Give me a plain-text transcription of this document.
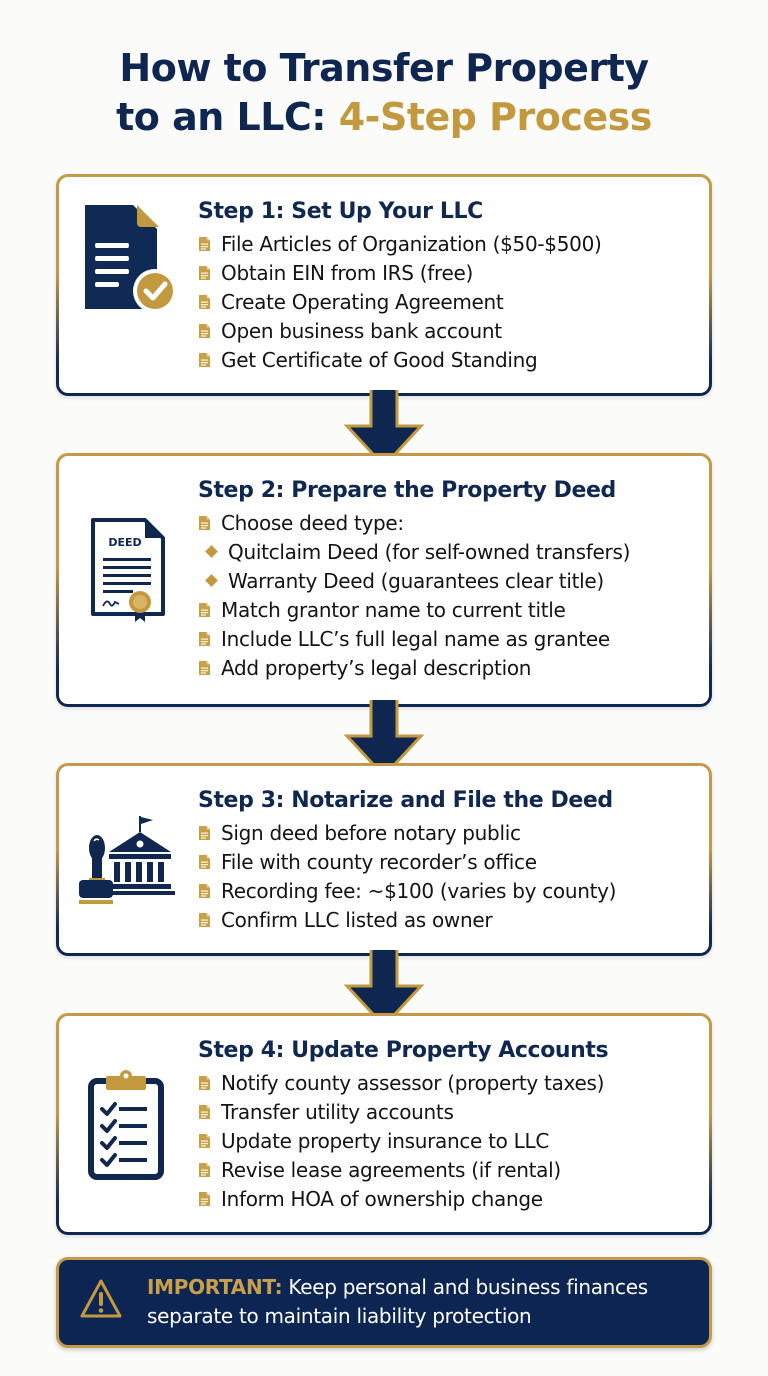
How to Transfer Property
to an LLC: 4-Step Process
Step 1: Set Up Your LLC
File Articles of Organization ($50-$500)
Obtain EIN from IRS (free)
Create Operating Agreement
Open business bank account
Get Certificate of Good Standing
DEED
Step 2: Prepare the Property Deed
Choose deed type:
Quitclaim Deed (for self-owned transfers)
Warranty Deed (guarantees clear title)
Match grantor name to current title
Include LLC’s full legal name as grantee
Add property’s legal description
Step 3: Notarize and File the Deed
Sign deed before notary public
File with county recorder’s office
Recording fee: ~$100 (varies by county)
Confirm LLC listed as owner
Step 4: Update Property Accounts
Notify county assessor (property taxes)
Transfer utility accounts
Update property insurance to LLC
Revise lease agreements (if rental)
Inform HOA of ownership change
IMPORTANT: Keep personal and business finances separate to maintain liability protection
